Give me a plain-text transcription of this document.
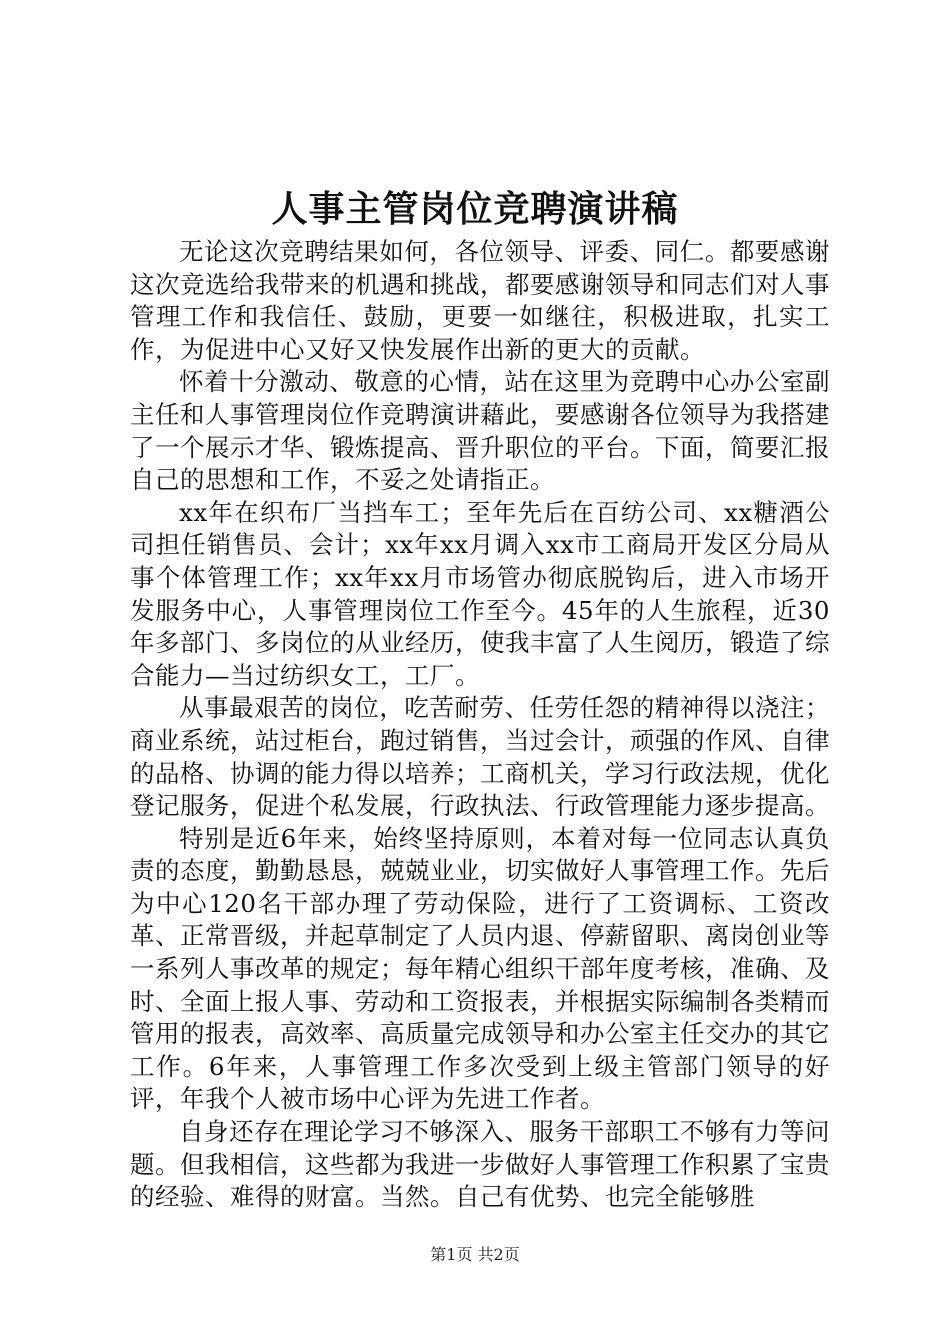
人事主管岗位竞聘演讲稿

无论这次竞聘结果如何，各位领导、评委、同仁。都要感谢这次竞选给我带来的机遇和挑战，都要感谢领导和同志们对人事管理工作和我信任、鼓励，更要一如继往，积极进取，扎实工作，为促进中心又好又快发展作出新的更大的贡献。

怀着十分激动、敬意的心情，站在这里为竞聘中心办公室副主任和人事管理岗位作竞聘演讲藉此，要感谢各位领导为我搭建了一个展示才华、锻炼提高、晋升职位的平台。下面，简要汇报自己的思想和工作，不妥之处请指正。

xx年在织布厂当挡车工；至年先后在百纺公司、xx糖酒公司担任销售员、会计；xx年xx月调入xx市工商局开发区分局从事个体管理工作；xx年xx月市场管办彻底脱钩后，进入市场开发服务中心，人事管理岗位工作至今。45年的人生旅程，近30年多部门、多岗位的从业经历，使我丰富了人生阅历，锻造了综合能力—当过纺织女工，工厂。

从事最艰苦的岗位，吃苦耐劳、任劳任怨的精神得以浇注；商业系统，站过柜台，跑过销售，当过会计，顽强的作风、自律的品格、协调的能力得以培养；工商机关，学习行政法规，优化登记服务，促进个私发展，行政执法、行政管理能力逐步提高。

特别是近6年来，始终坚持原则，本着对每一位同志认真负责的态度，勤勤恳恳，兢兢业业，切实做好人事管理工作。先后为中心120名干部办理了劳动保险，进行了工资调标、工资改革、正常晋级，并起草制定了人员内退、停薪留职、离岗创业等一系列人事改革的规定；每年精心组织干部年度考核，准确、及时、全面上报人事、劳动和工资报表，并根据实际编制各类精而管用的报表，高效率、高质量完成领导和办公室主任交办的其它工作。6年来，人事管理工作多次受到上级主管部门领导的好评，年我个人被市场中心评为先进工作者。

自身还存在理论学习不够深入、服务干部职工不够有力等问题。但我相信，这些都为我进一步做好人事管理工作积累了宝贵的经验、难得的财富。当然。自己有优势、也完全能够胜

第1页 共2页
